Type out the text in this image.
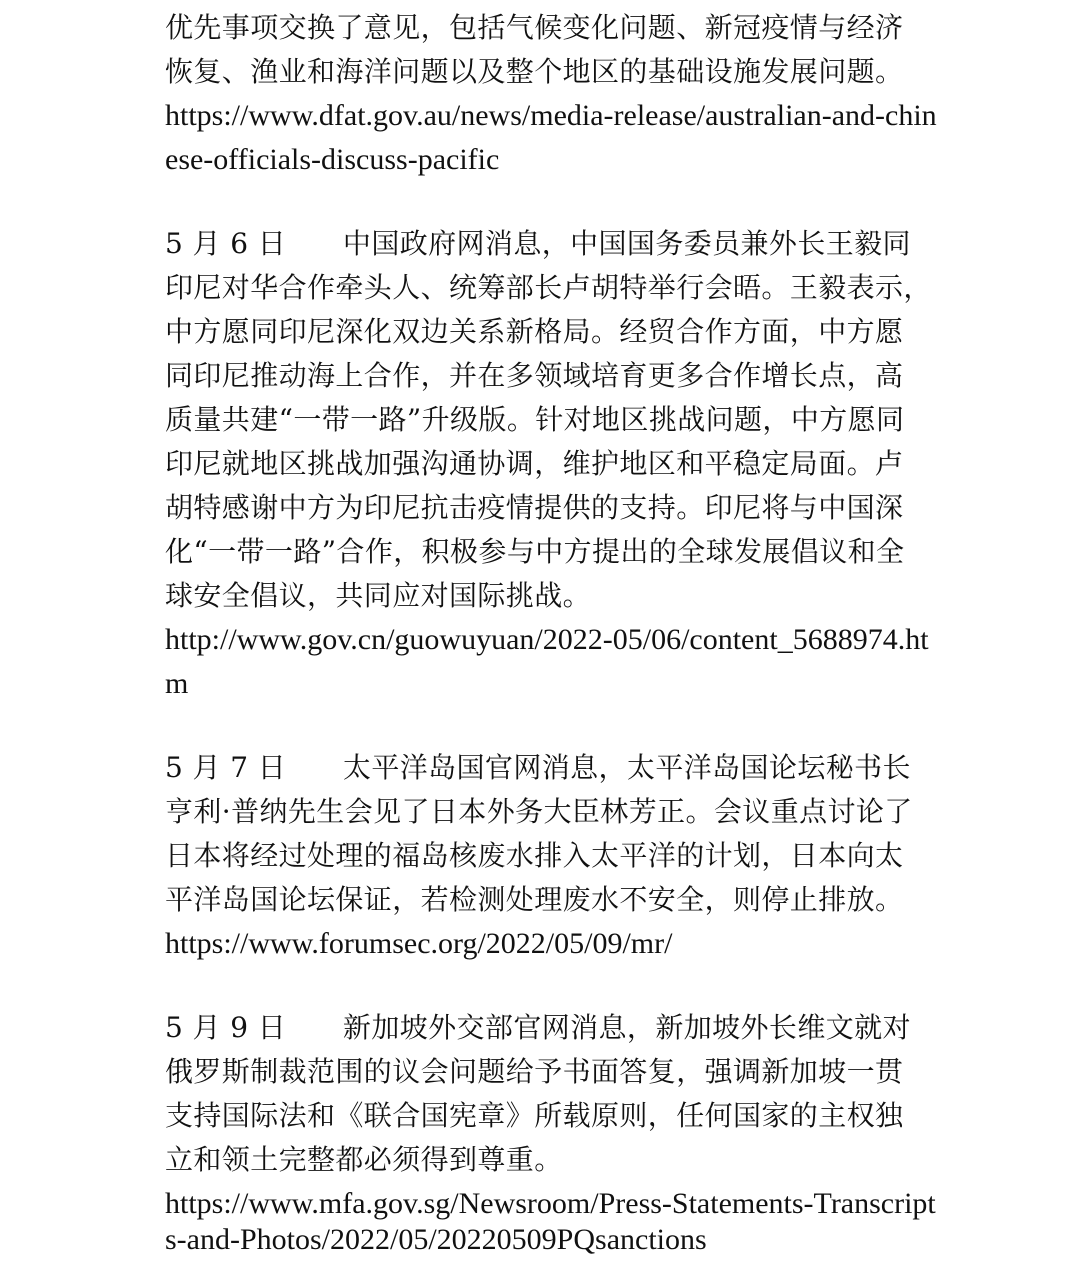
优先事项交换了意见，包括气候变化问题、新冠疫情与经济
恢复、渔业和海洋问题以及整个地区的基础设施发展问题。
https://www.dfat.gov.au/news/media-release/australian-and-chin
ese-officials-discuss-pacific
5 月 6 日　　中国政府网消息，中国国务委员兼外长王毅同
印尼对华合作牵头人、统筹部长卢胡特举行会晤。王毅表示，
中方愿同印尼深化双边关系新格局。经贸合作方面，中方愿
同印尼推动海上合作，并在多领域培育更多合作增长点，高
质量共建“一带一路”升级版。针对地区挑战问题，中方愿同
印尼就地区挑战加强沟通协调，维护地区和平稳定局面。卢
胡特感谢中方为印尼抗击疫情提供的支持。印尼将与中国深
化“一带一路”合作，积极参与中方提出的全球发展倡议和全
球安全倡议，共同应对国际挑战。
http://www.gov.cn/guowuyuan/2022-05/06/content_5688974.ht
m
5 月 7 日　　太平洋岛国官网消息，太平洋岛国论坛秘书长
亨利·普纳先生会见了日本外务大臣林芳正。会议重点讨论了
日本将经过处理的福岛核废水排入太平洋的计划，日本向太
平洋岛国论坛保证，若检测处理废水不安全，则停止排放。
https://www.forumsec.org/2022/05/09/mr/
5 月 9 日　　新加坡外交部官网消息，新加坡外长维文就对
俄罗斯制裁范围的议会问题给予书面答复，强调新加坡一贯
支持国际法和《联合国宪章》所载原则，任何国家的主权独
立和领土完整都必须得到尊重。
https://www.mfa.gov.sg/Newsroom/Press-Statements-Transcript
s-and-Photos/2022/05/20220509PQsanctions
